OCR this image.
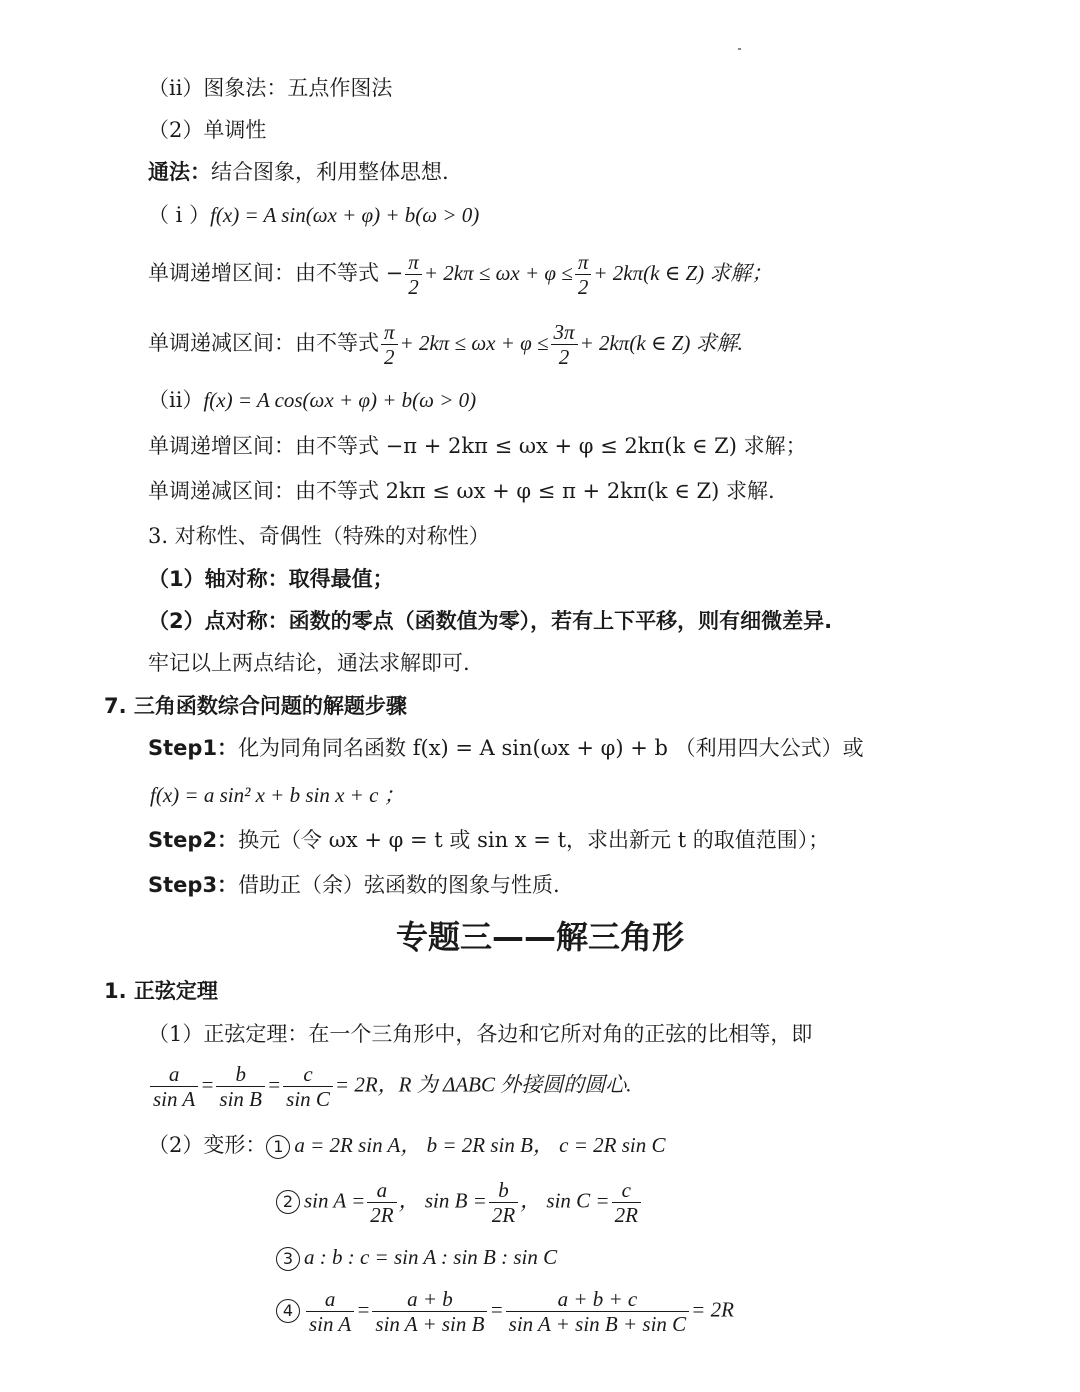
（ii）图象法：五点作图法
（2）单调性
通法：结合图象，利用整体思想.
（ i ）f(x) = A sin(ωx + φ) + b(ω > 0)
单调递增区间：由不等式 − $\frac{\pi}{2} + 2k\pi \le \omega x + \varphi \le \frac{\pi}{2} + 2k\pi(k$ ∈ Z) 求解；
单调递减区间：由不等式 $\frac{\pi}{2} + 2k\pi \le \omega x + \varphi \le \frac{3\pi}{2} + 2k\pi(k$ ∈ Z) 求解.
（ii）f(x) = A cos(ωx + φ) + b(ω > 0)
单调递增区间：由不等式 −π + 2kπ ≤ ωx + φ ≤ 2kπ(k ∈ Z) 求解；
单调递减区间：由不等式 2kπ ≤ ωx + φ ≤ π + 2kπ(k ∈ Z) 求解.
3. 对称性、奇偶性（特殊的对称性）
（1）轴对称：取得最值；
（2）点对称：函数的零点（函数值为零），若有上下平移，则有细微差异.
牢记以上两点结论，通法求解即可.
7. 三角函数综合问题的解题步骤
Step1：化为同角同名函数 f(x) = A sin(ωx + φ) + b （利用四大公式）或
f(x) = a sin² x + b sin x + c ；
Step2：换元（令 ωx + φ = t 或 sin x = t，求出新元 t 的取值范围）；
Step3：借助正（余）弦函数的图象与性质.
专题三——解三角形
1. 正弦定理
（1）正弦定理：在一个三角形中，各边和它所对角的正弦的比相等，即
$\frac{a}{\text{sin A}} = \frac{b}{\text{sin B}} = \frac{c}{\text{sin C}} = 2R$，R 为 ΔABC 外接圆的圆心.
（2）变形： 1 a = 2R sin A， b = 2R sin B， c = 2R sin C
2 $\sin A = \frac{a}{2R}$ ， $\sin B = \frac{b}{2R}$ ， $\sin C = \frac{c}{2R}$
3 a : b : c = sin A : sin B : sin C
$4 \frac{a}{\text{sin A}} = \frac{a + b}{\text{sin A + sin B}} = \frac{a + b + c}{\text{sin A + sin B + sin C}} = 2R$
